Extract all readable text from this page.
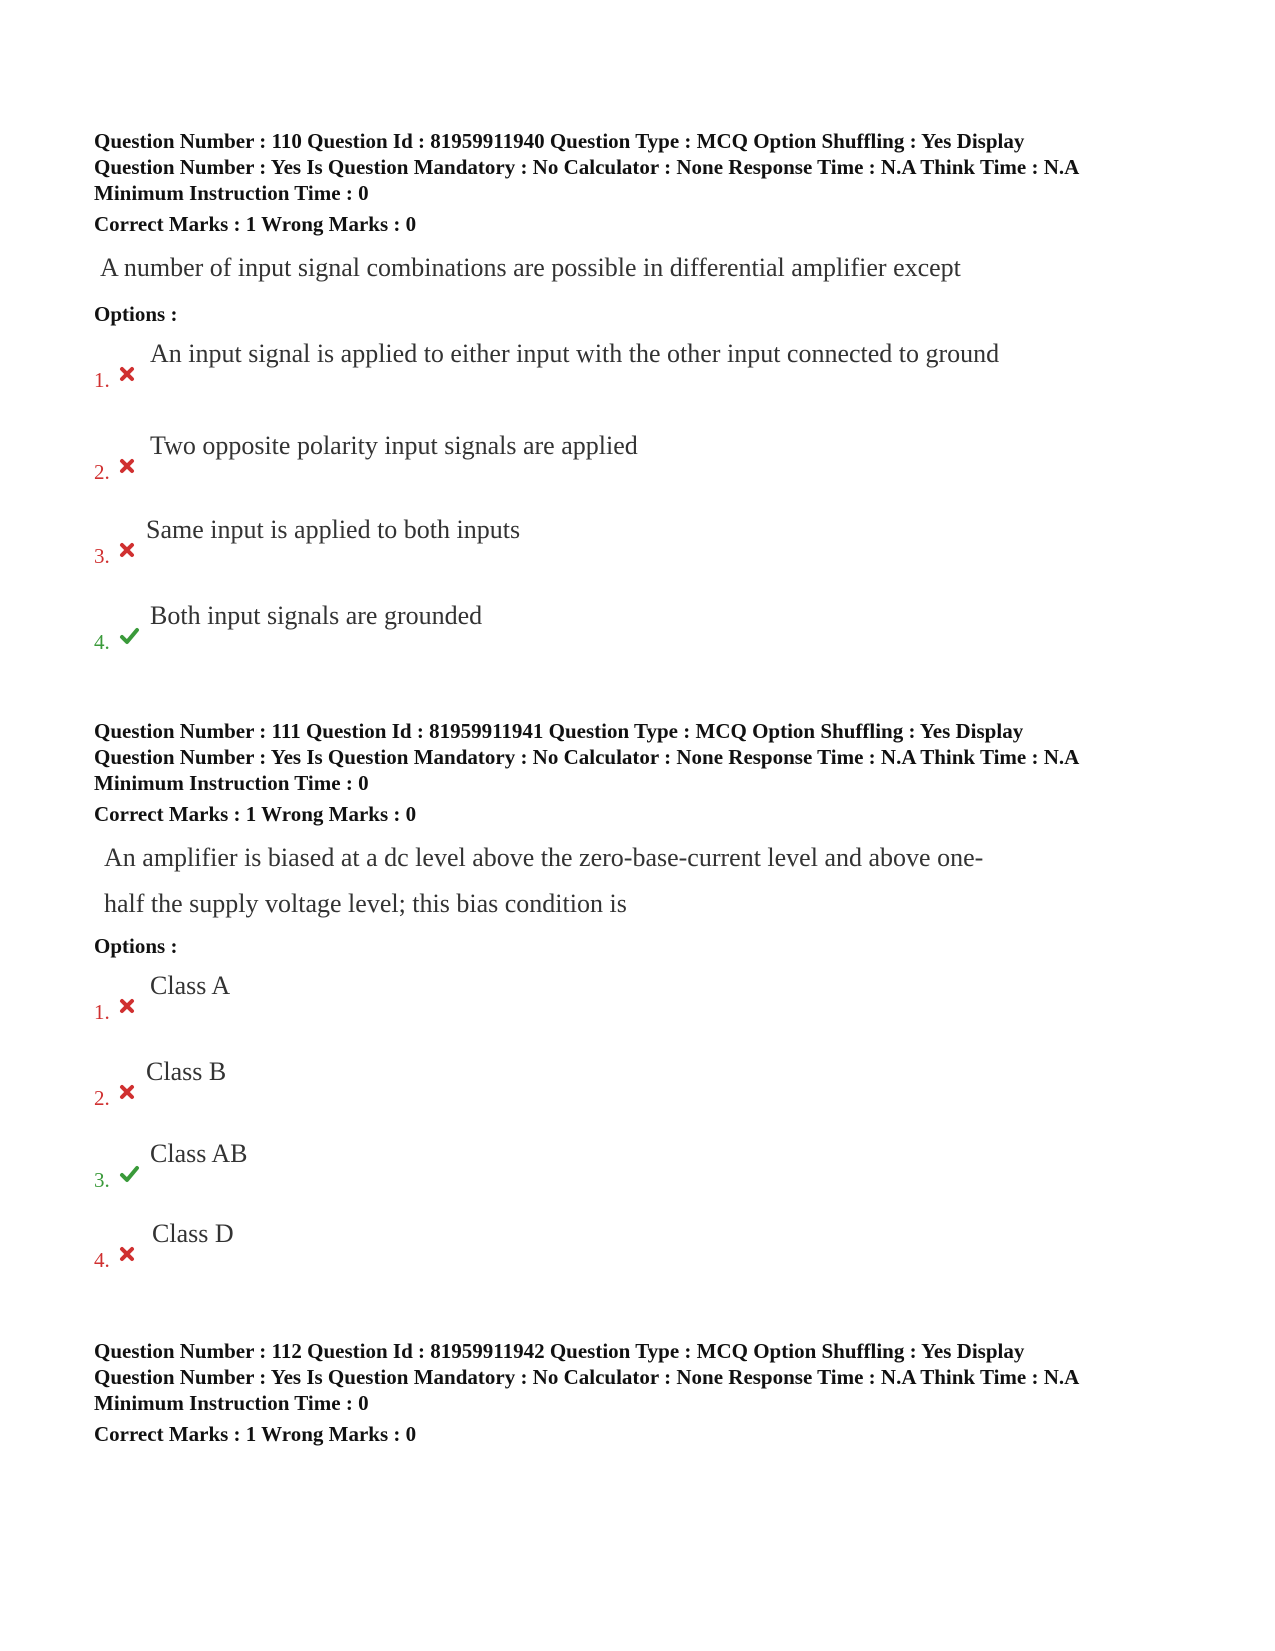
Question Number : 110 Question Id : 81959911940 Question Type : MCQ Option Shuffling : Yes Display
Question Number : Yes Is Question Mandatory : No Calculator : None Response Time : N.A Think Time : N.A
Minimum Instruction Time : 0
Correct Marks : 1 Wrong Marks : 0
A number of input signal combinations are possible in differential amplifier except
Options :
1.
An input signal is applied to either input with the other input connected to ground
2.
Two opposite polarity input signals are applied
3.
Same input is applied to both inputs
4.
Both input signals are grounded
Question Number : 111 Question Id : 81959911941 Question Type : MCQ Option Shuffling : Yes Display
Question Number : Yes Is Question Mandatory : No Calculator : None Response Time : N.A Think Time : N.A
Minimum Instruction Time : 0
Correct Marks : 1 Wrong Marks : 0
An amplifier is biased at a dc level above the zero-base-current level and above one-
half the supply voltage level; this bias condition is
Options :
1.
Class A
2.
Class B
3.
Class AB
4.
Class D
Question Number : 112 Question Id : 81959911942 Question Type : MCQ Option Shuffling : Yes Display
Question Number : Yes Is Question Mandatory : No Calculator : None Response Time : N.A Think Time : N.A
Minimum Instruction Time : 0
Correct Marks : 1 Wrong Marks : 0
